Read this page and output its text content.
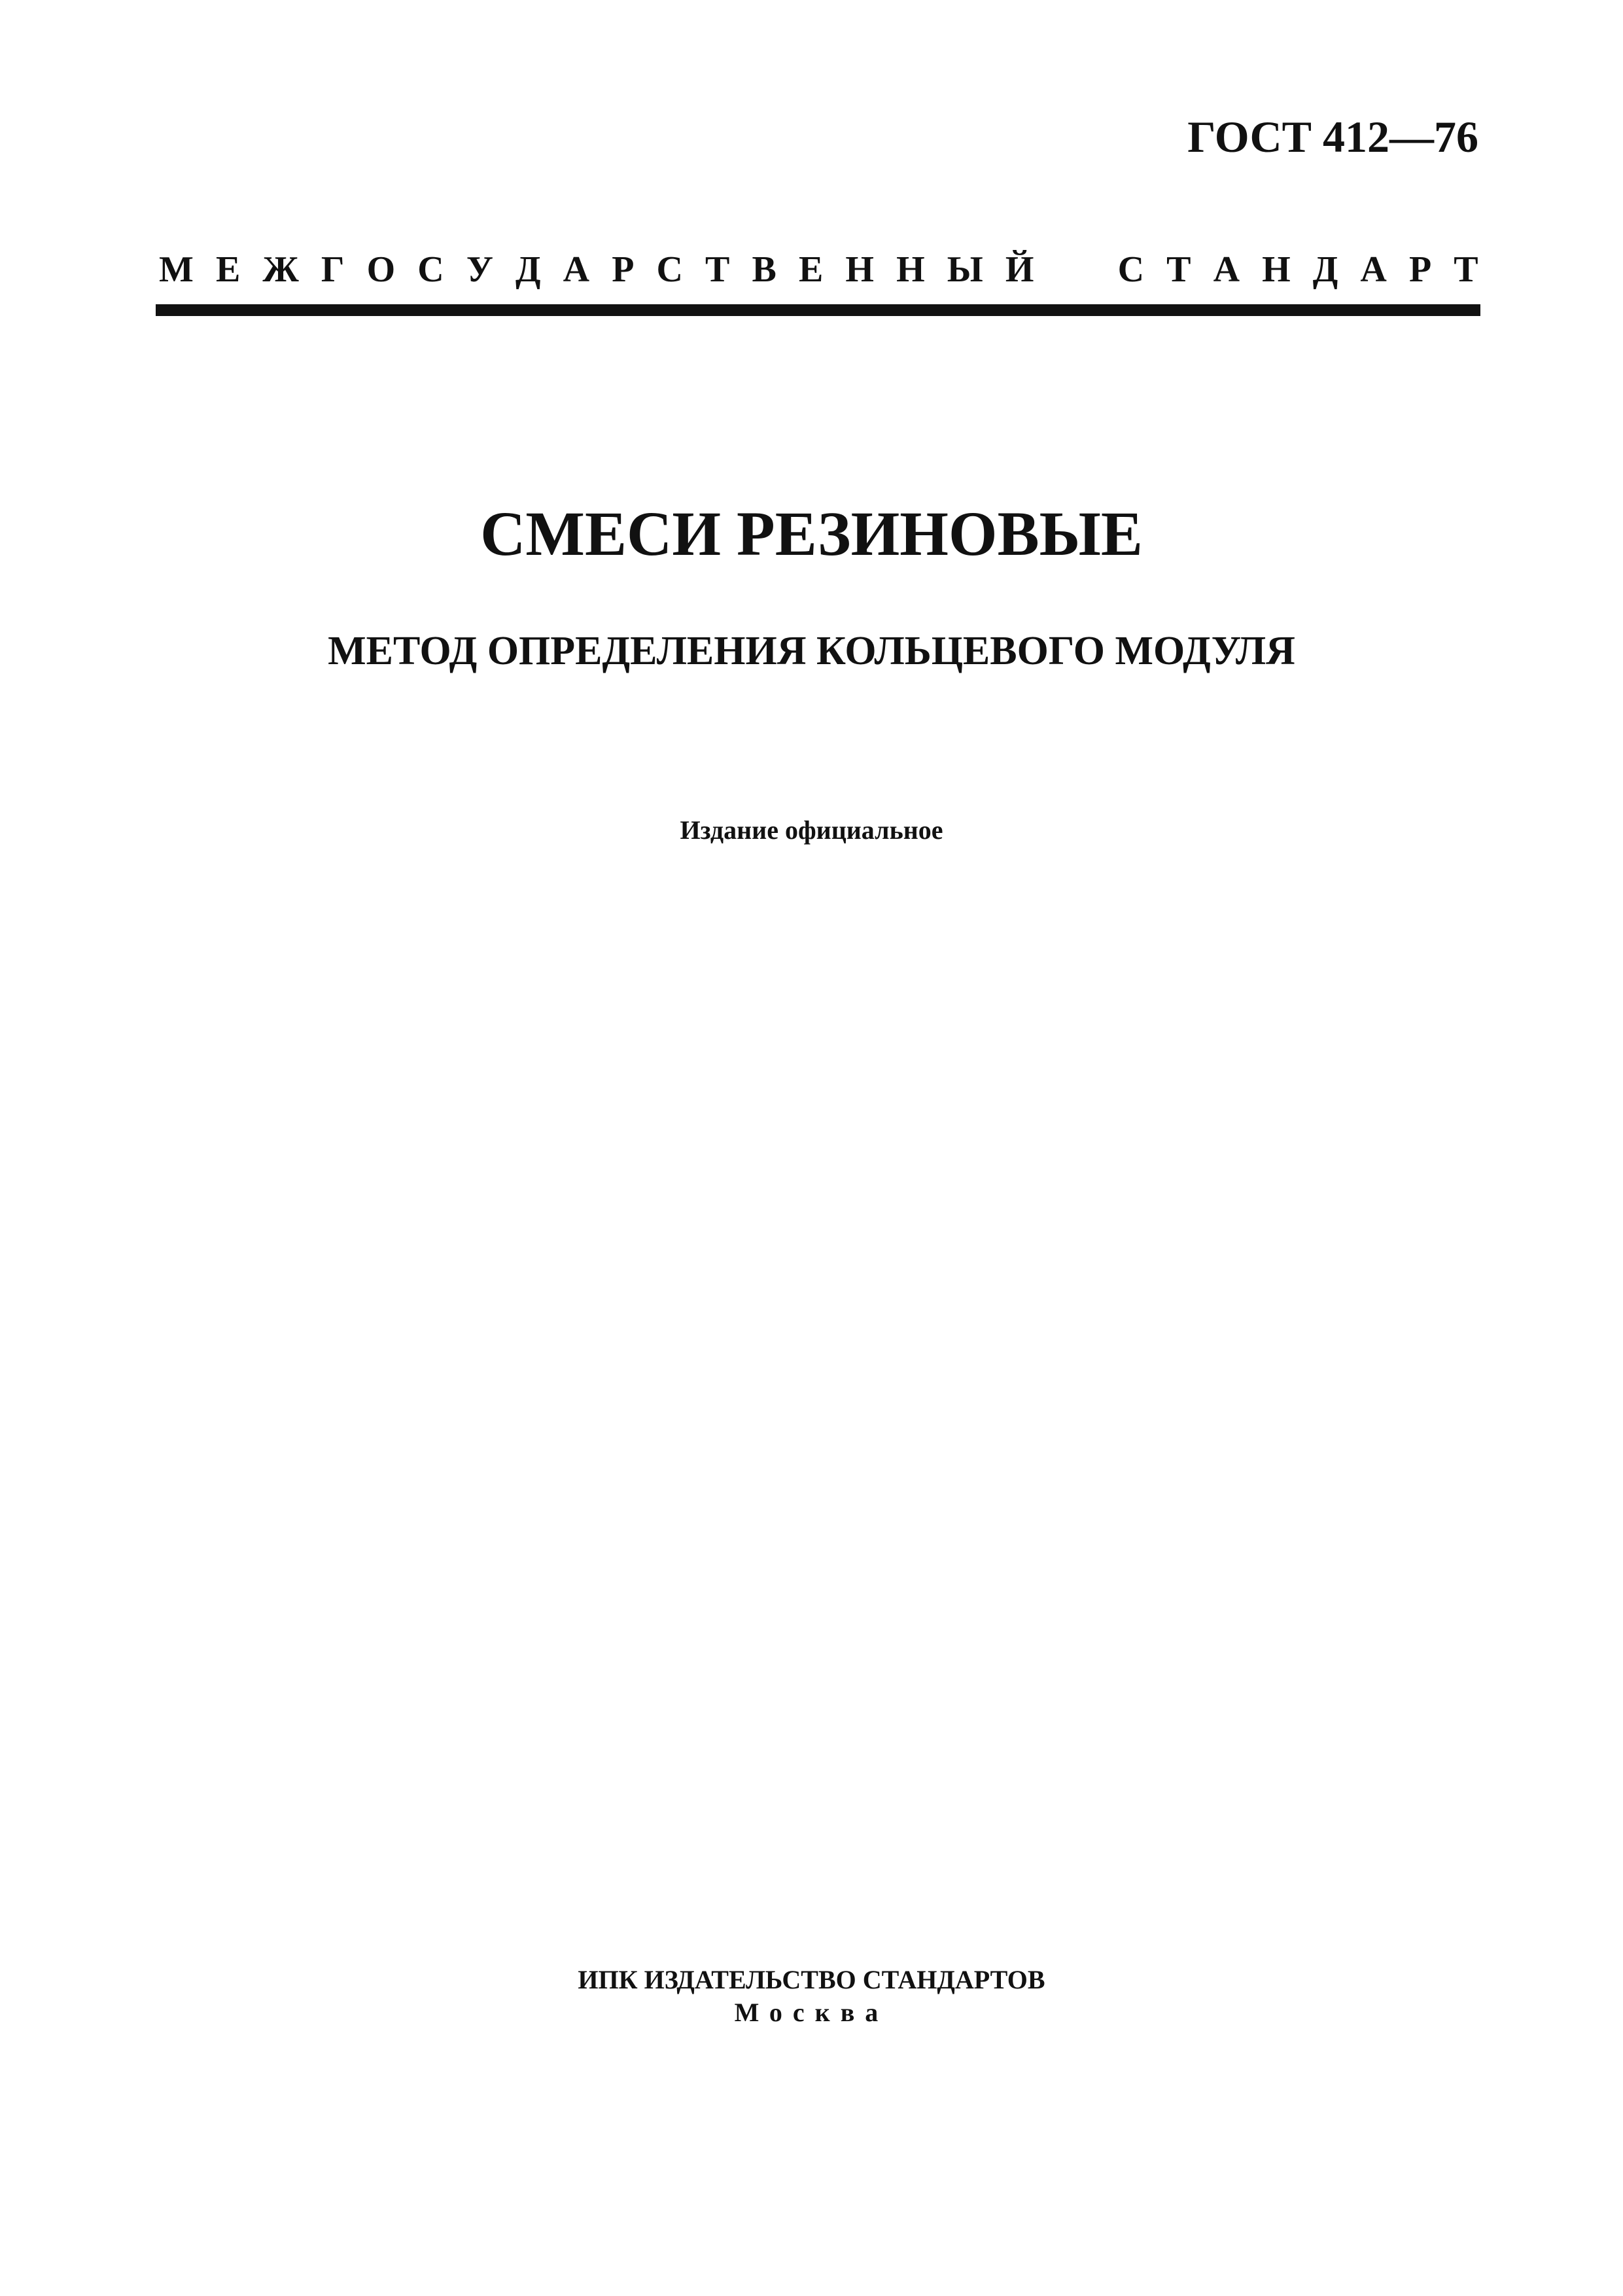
ГОСТ 412—76
М Е Ж Г О С У Д А Р С Т В Е Н Н Ы Й С Т А Н Д А Р Т
СМЕСИ РЕЗИНОВЫЕ
МЕТОД ОПРЕДЕЛЕНИЯ КОЛЬЦЕВОГО МОДУЛЯ
Издание официальное
ИПК ИЗДАТЕЛЬСТВО СТАНДАРТОВ
Москва
